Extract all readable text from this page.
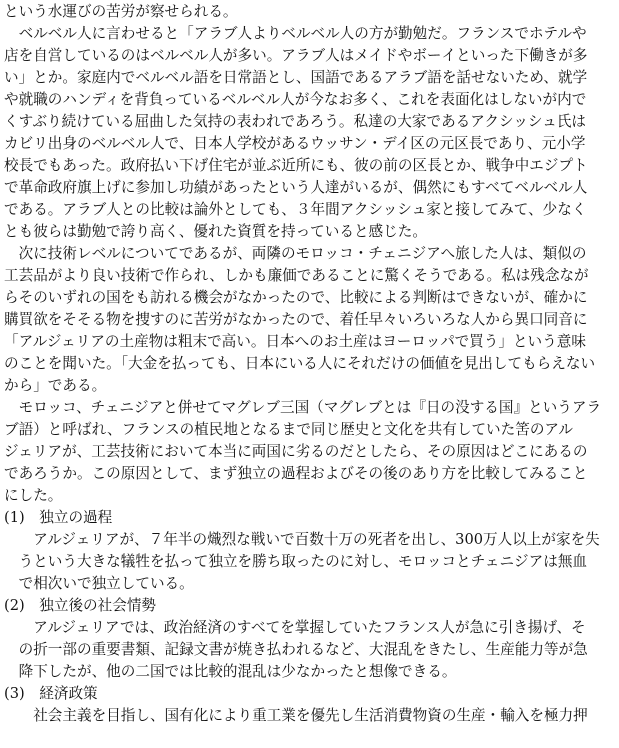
という水運びの苦労が察せられる。
　ベルベル人に言わせると「アラブ人よりベルベル人の方が勤勉だ。フランスでホテルや
店を自営しているのはベルベル人が多い。アラブ人はメイドやボーイといった下働きが多
い」とか。家庭内でベルベル語を日常語とし、国語であるアラブ語を話せないため、就学
や就職のハンディを背負っているベルベル人が今なお多く、これを表面化はしないが内で
くすぶり続けている屈曲した気持の表われであろう。私達の大家であるアクシッシュ氏は
カビリ出身のベルベル人で、日本人学校があるウッサン・デイ区の元区長であり、元小学
校長でもあった。政府払い下げ住宅が並ぶ近所にも、彼の前の区長とか、戦争中エジプト
で革命政府旗上げに参加し功績があったという人達がいるが、偶然にもすべてベルベル人
である。アラブ人との比較は論外としても、３年間アクシッシュ家と接してみて、少なく
とも彼らは勤勉で誇り高く、優れた資質を持っていると感じた。
　次に技術レベルについてであるが、両隣のモロッコ・チェニジアへ旅した人は、類似の
工芸品がより良い技術で作られ、しかも廉価であることに驚くそうである。私は残念なが
らそのいずれの国をも訪れる機会がなかったので、比較による判断はできないが、確かに
購買欲をそそる物を捜すのに苦労がなかったので、着任早々いろいろな人から異口同音に
「アルジェリアの土産物は粗末で高い。日本へのお土産はヨーロッパで買う」という意味
のことを聞いた。「大金を払っても、日本にいる人にそれだけの価値を見出してもらえない
から」である。
　モロッコ、チェニジアと併せてマグレブ三国（マグレブとは『日の没する国』というアラ
ブ語）と呼ばれ、フランスの植民地となるまで同じ歴史と文化を共有していた筈のアル
ジェリアが、工芸技術において本当に両国に劣るのだとしたら、その原因はどこにあるの
であろうか。この原因として、まず独立の過程およびその後のあり方を比較してみること
にした。
(1)　独立の過程
　　アルジェリアが、７年半の熾烈な戦いで百数十万の死者を出し、300万人以上が家を失
　うという大きな犠牲を払って独立を勝ち取ったのに対し、モロッコとチェニジアは無血
　で相次いで独立している。
(2)　独立後の社会情勢
　　アルジェリアでは、政治経済のすべてを掌握していたフランス人が急に引き揚げ、そ
　の折一部の重要書類、記録文書が焼き払われるなど、大混乱をきたし、生産能力等が急
　降下したが、他の二国では比較的混乱は少なかったと想像できる。
(3)　経済政策
　　社会主義を目指し、国有化により重工業を優先し生活消費物資の生産・輸入を極力押
